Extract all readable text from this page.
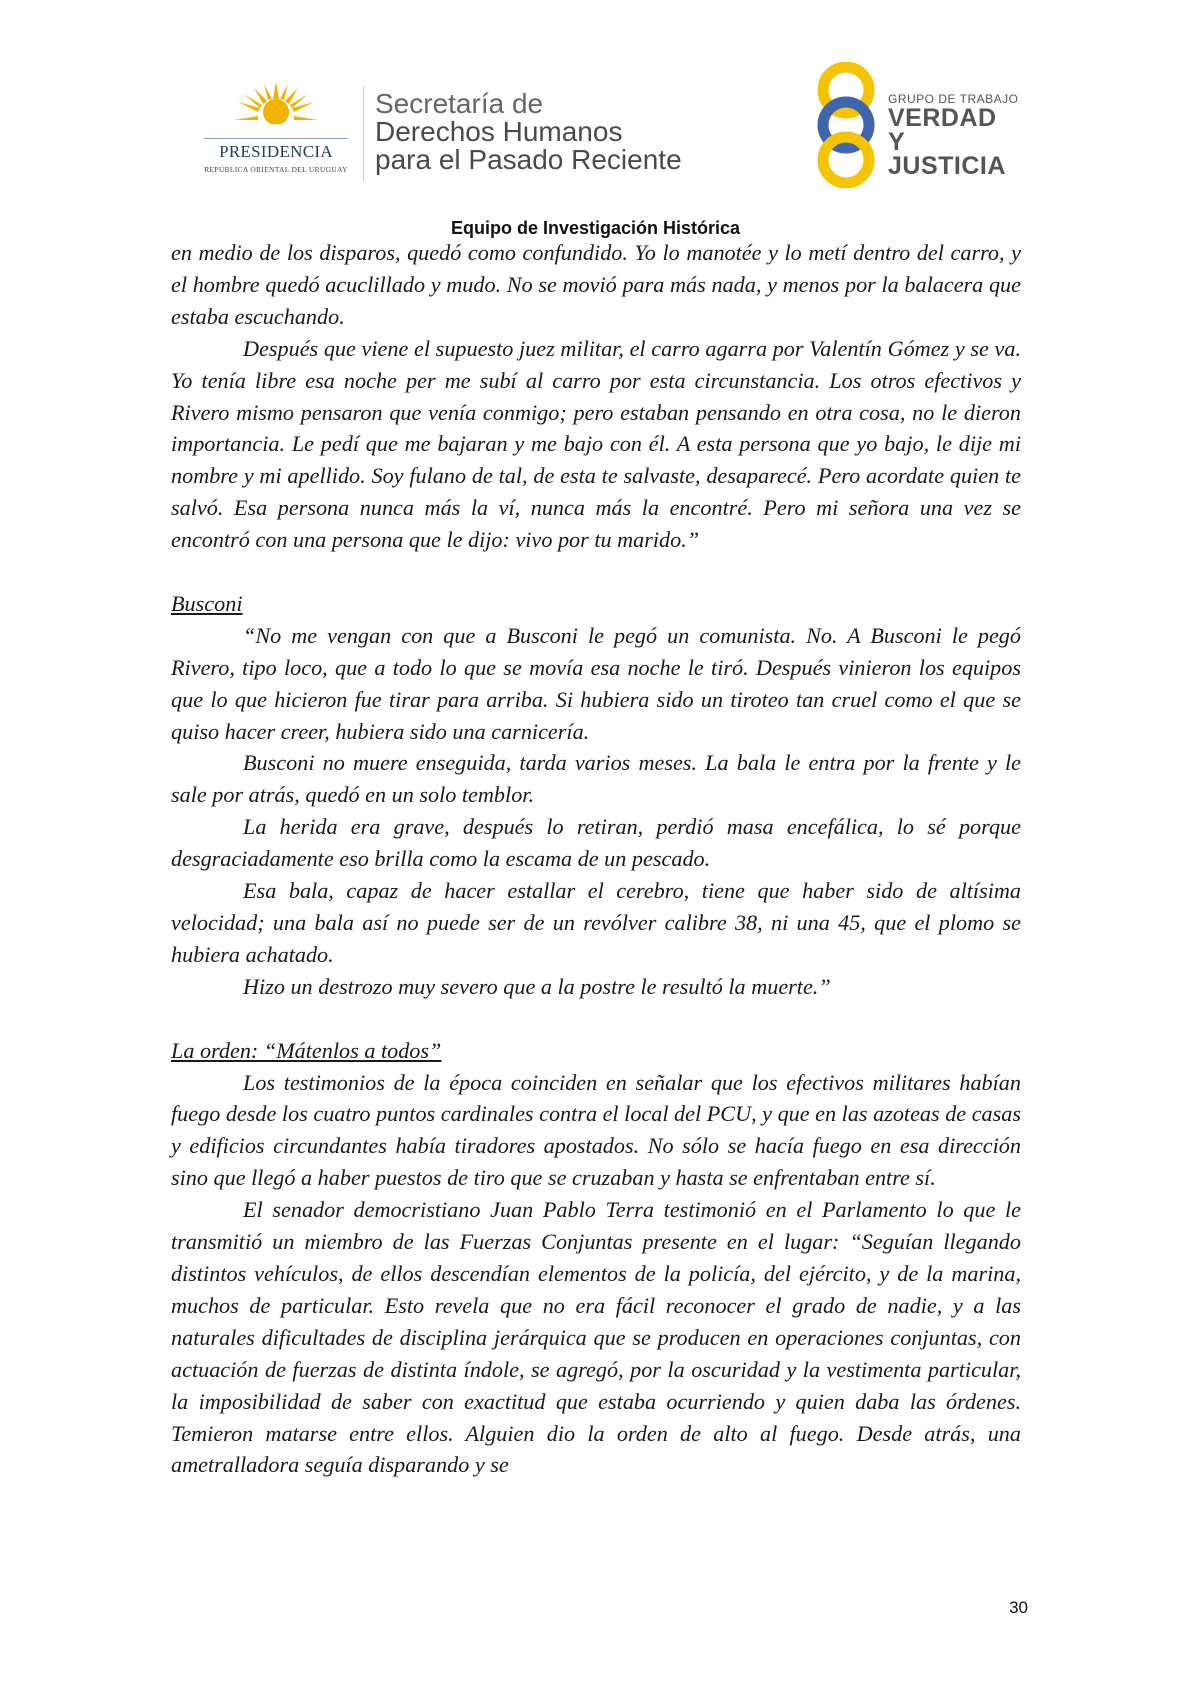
PRESIDENCIA
REPÚBLICA ORIENTAL DEL URUGUAY
Secretaría de
Derechos Humanos
para el Pasado Reciente
GRUPO DE TRABAJO
VERDAD Y
JUSTICIA
Equipo de Investigación Histórica

en medio de los disparos, quedó como confundido. Yo lo manotée y lo metí dentro del carro, y el hombre quedó acuclillado y mudo. No se movió para más nada, y menos por la balacera que estaba escuchando.

Después que viene el supuesto juez militar, el carro agarra por Valentín Gómez y se va. Yo tenía libre esa noche per me subí al carro por esta circunstancia. Los otros efectivos y Rivero mismo pensaron que venía conmigo; pero estaban pensando en otra cosa, no le dieron importancia. Le pedí que me bajaran y me bajo con él. A esta persona que yo bajo, le dije mi nombre y mi apellido. Soy fulano de tal, de esta te salvaste, desaparecé. Pero acordate quien te salvó. Esa persona nunca más la ví, nunca más la encontré. Pero mi señora una vez se encontró con una persona que le dijo: vivo por tu marido.”

Busconi

“No me vengan con que a Busconi le pegó un comunista. No. A Busconi le pegó Rivero, tipo loco, que a todo lo que se movía esa noche le tiró. Después vinieron los equipos que lo que hicieron fue tirar para arriba. Si hubiera sido un tiroteo tan cruel como el que se quiso hacer creer, hubiera sido una carnicería.

Busconi no muere enseguida, tarda varios meses. La bala le entra por la frente y le sale por atrás, quedó en un solo temblor.

La herida era grave, después lo retiran, perdió masa encefálica, lo sé porque desgraciadamente eso brilla como la escama de un pescado.

Esa bala, capaz de hacer estallar el cerebro, tiene que haber sido de altísima velocidad; una bala así no puede ser de un revólver calibre 38, ni una 45, que el plomo se hubiera achatado.

Hizo un destrozo muy severo que a la postre le resultó la muerte.”

La orden: “Mátenlos a todos”

Los testimonios de la época coinciden en señalar que los efectivos militares habían fuego desde los cuatro puntos cardinales contra el local del PCU, y que en las azoteas de casas y edificios circundantes había tiradores apostados. No sólo se hacía fuego en esa dirección sino que llegó a haber puestos de tiro que se cruzaban y hasta se enfrentaban entre sí.

El senador democristiano Juan Pablo Terra testimonió en el Parlamento lo que le transmitió un miembro de las Fuerzas Conjuntas presente en el lugar: “Seguían llegando distintos vehículos, de ellos descendían elementos de la policía, del ejército, y de la marina, muchos de particular. Esto revela que no era fácil reconocer el grado de nadie, y a las naturales dificultades de disciplina jerárquica que se producen en operaciones conjuntas, con actuación de fuerzas de distinta índole, se agregó, por la oscuridad y la vestimenta particular, la imposibilidad de saber con exactitud que estaba ocurriendo y quien daba las órdenes. Temieron matarse entre ellos. Alguien dio la orden de alto al fuego. Desde atrás, una ametralladora seguía disparando y se

30
